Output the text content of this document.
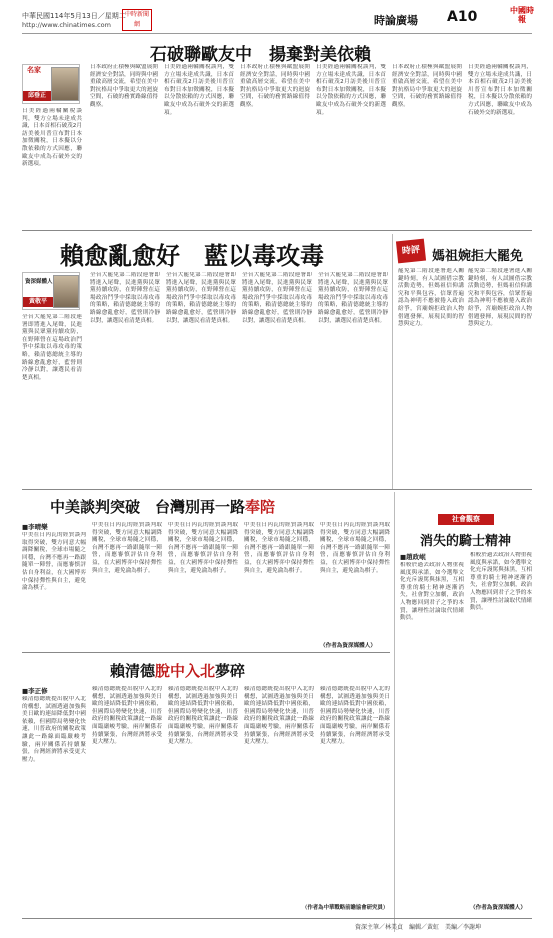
中華民國114年5月13日／星期二
http://www.chinatimes.com
中時新聞網	時論廣場 A10	中國時報
石破聯歐友中　揚棄對美依賴
名家
邱垂正
日美經過兩輪關稅談判，雙方立場未達成共識，日本首相石破茂2月訪美後川普宣布對日本加徵關稅，日本擬以分散依賴的方式因應，聯歐友中成為石破外交的新選項。
日本政府正積極與歐盟展開經濟安全對話，同時與中國重啟高層交流，希望在美中對抗格局中爭取更大的迴旋空間，石破的務實路線值得觀察。
日美經過兩輪關稅談判，雙方立場未達成共識，日本首相石破茂2月訪美後川普宣布對日本加徵關稅，日本擬以分散依賴的方式因應，聯歐友中成為石破外交的新選項。
日本政府正積極與歐盟展開經濟安全對話，同時與中國重啟高層交流，希望在美中對抗格局中爭取更大的迴旋空間，石破的務實路線值得觀察。
日美經過兩輪關稅談判，雙方立場未達成共識，日本首相石破茂2月訪美後川普宣布對日本加徵關稅，日本擬以分散依賴的方式因應，聯歐友中成為石破外交的新選項。
日本政府正積極與歐盟展開經濟安全對話，同時與中國重啟高層交流，希望在美中對抗格局中爭取更大的迴旋空間，石破的務實路線值得觀察。
日美經過兩輪關稅談判，雙方立場未達成共識，日本首相石破茂2月訪美後川普宣布對日本加徵關稅，日本擬以分散依賴的方式因應，聯歐友中成為石破外交的新選項。
賴愈亂愈好　藍以毒攻毒
資深媒體人
黃敬平
全台大罷免第二階段連署即將進入尾聲，民進黨與民眾黨持續攻防，在野陣營在這場政治鬥爭中採取以毒攻毒的策略，賴清德總統主導的路線愈亂愈好，藍營則冷靜以對，讓選民看清楚真相。
全台大罷免第二階段連署即將進入尾聲，民進黨與民眾黨持續攻防，在野陣營在這場政治鬥爭中採取以毒攻毒的策略，賴清德總統主導的路線愈亂愈好，藍營則冷靜以對，讓選民看清楚真相。
全台大罷免第二階段連署即將進入尾聲，民進黨與民眾黨持續攻防，在野陣營在這場政治鬥爭中採取以毒攻毒的策略，賴清德總統主導的路線愈亂愈好，藍營則冷靜以對，讓選民看清楚真相。
全台大罷免第二階段連署即將進入尾聲，民進黨與民眾黨持續攻防，在野陣營在這場政治鬥爭中採取以毒攻毒的策略，賴清德總統主導的路線愈亂愈好，藍營則冷靜以對，讓選民看清楚真相。
全台大罷免第二階段連署即將進入尾聲，民進黨與民眾黨持續攻防，在野陣營在這場政治鬥爭中採取以毒攻毒的策略，賴清德總統主導的路線愈亂愈好，藍營則冷靜以對，讓選民看清楚真相。
時評 媽祖婉拒大罷免
罷免第二階段連署進入關鍵時刻，有人試圖借宗教活動造勢，但媽祖信仰講究和平與包容，信眾普遍認為神明不應被捲入政治紛爭，宮廟婉拒政治人物借題發揮，展現民間的智慧與定力。
罷免第二階段連署進入關鍵時刻，有人試圖借宗教活動造勢，但媽祖信仰講究和平與包容，信眾普遍認為神明不應被捲入政治紛爭，宮廟婉拒政治人物借題發揮，展現民間的智慧與定力。
中美談判突破　台灣別再一路奉陪
■李晴樂
中美在日內瓦的經貿談判取得突破，雙方同意大幅調降關稅，全球市場隨之回穩，台灣不應再一路跟隨單一陣營，而應審慎評估自身利益，在大國博弈中保持彈性與自主，避免淪為棋子。
中美在日內瓦的經貿談判取得突破，雙方同意大幅調降關稅，全球市場隨之回穩，台灣不應再一路跟隨單一陣營，而應審慎評估自身利益，在大國博弈中保持彈性與自主，避免淪為棋子。
中美在日內瓦的經貿談判取得突破，雙方同意大幅調降關稅，全球市場隨之回穩，台灣不應再一路跟隨單一陣營，而應審慎評估自身利益，在大國博弈中保持彈性與自主，避免淪為棋子。
中美在日內瓦的經貿談判取得突破，雙方同意大幅調降關稅，全球市場隨之回穩，台灣不應再一路跟隨單一陣營，而應審慎評估自身利益，在大國博弈中保持彈性與自主，避免淪為棋子。
中美在日內瓦的經貿談判取得突破，雙方同意大幅調降關稅，全球市場隨之回穩，台灣不應再一路跟隨單一陣營，而應審慎評估自身利益，在大國博弈中保持彈性與自主，避免淪為棋子。
（作者為資深媒體人）
社會觀察
消失的騎士精神
■趙政岷
相較於過去政治人物重視風度與承諾，如今選舉文化充斥謾罵與抹黑，互相尊重的騎士精神逐漸消失，社會對立加劇，政治人物應回到君子之爭的本質，讓理性討論取代情緒動員。
相較於過去政治人物重視風度與承諾，如今選舉文化充斥謾罵與抹黑，互相尊重的騎士精神逐漸消失，社會對立加劇，政治人物應回到君子之爭的本質，讓理性討論取代情緒動員。
（作者為資深媒體人）
賴清德脫中入北夢碎
■李正修
賴清德總統提出脫中入北的構想，試圖透過加強與美日歐的連結降低對中國依賴，但國際局勢變化快速，川普政府的關稅政策讓此一路線面臨嚴峻考驗，兩岸關係若持續緊張，台灣經濟將承受更大壓力。
賴清德總統提出脫中入北的構想，試圖透過加強與美日歐的連結降低對中國依賴，但國際局勢變化快速，川普政府的關稅政策讓此一路線面臨嚴峻考驗，兩岸關係若持續緊張，台灣經濟將承受更大壓力。
賴清德總統提出脫中入北的構想，試圖透過加強與美日歐的連結降低對中國依賴，但國際局勢變化快速，川普政府的關稅政策讓此一路線面臨嚴峻考驗，兩岸關係若持續緊張，台灣經濟將承受更大壓力。
賴清德總統提出脫中入北的構想，試圖透過加強與美日歐的連結降低對中國依賴，但國際局勢變化快速，川普政府的關稅政策讓此一路線面臨嚴峻考驗，兩岸關係若持續緊張，台灣經濟將承受更大壓力。
賴清德總統提出脫中入北的構想，試圖透過加強與美日歐的連結降低對中國依賴，但國際局勢變化快速，川普政府的關稅政策讓此一路線面臨嚴峻考驗，兩岸關係若持續緊張，台灣經濟將承受更大壓力。
（作者為中華戰略前瞻協會研究員）
資深主筆／林美貞　編輯／黃虹　美編／李謝坤
